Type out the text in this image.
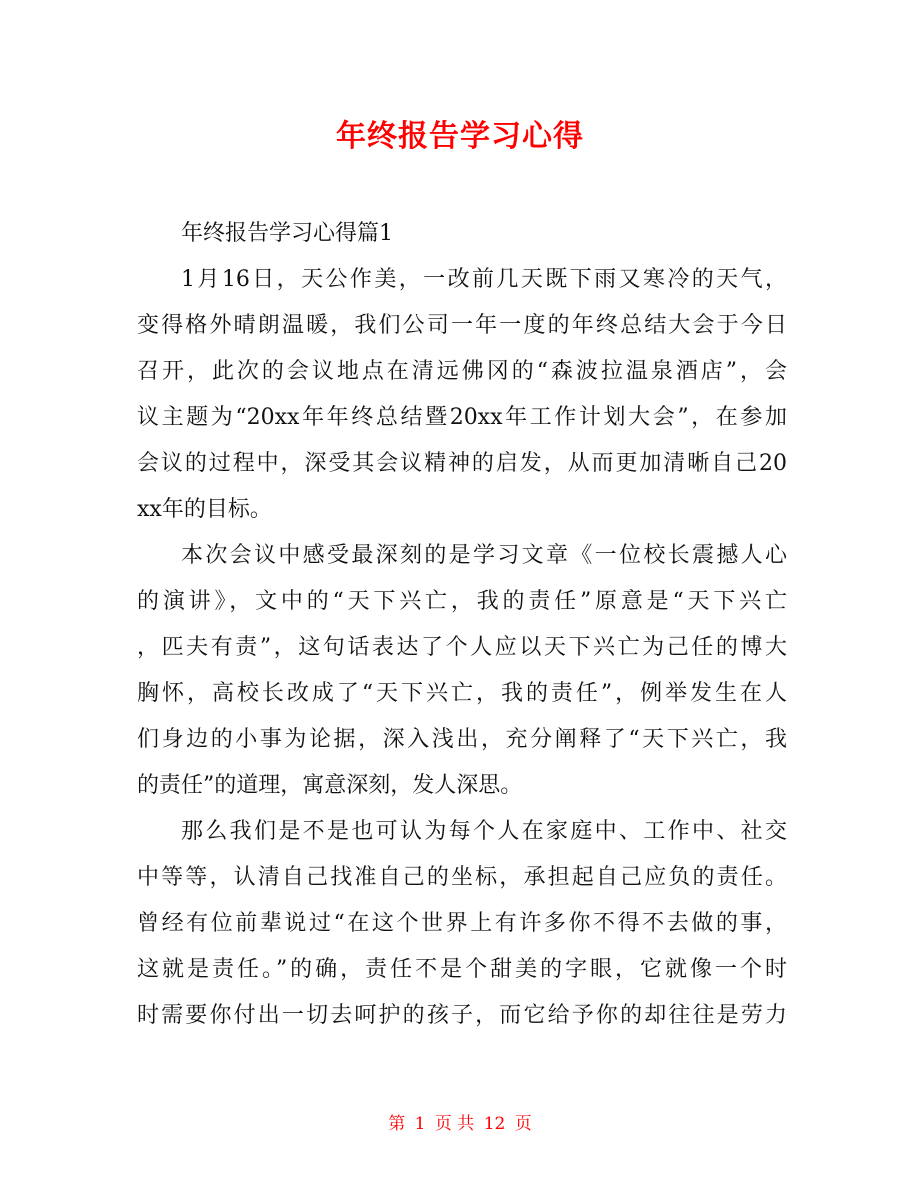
年终报告学习心得
年终报告学习心得篇1
1月16日，天公作美，一改前几天既下雨又寒冷的天气，
变得格外晴朗温暖，我们公司一年一度的年终总结大会于今日
召开，此次的会议地点在清远佛冈的“森波拉温泉酒店”，会
议主题为“20xx年年终总结暨20xx年工作计划大会”，在参加
会议的过程中，深受其会议精神的启发，从而更加清晰自己20
xx年的目标。
本次会议中感受最深刻的是学习文章《一位校长震撼人心
的演讲》，文中的“天下兴亡，我的责任”原意是“天下兴亡
，匹夫有责”，这句话表达了个人应以天下兴亡为己任的博大
胸怀，高校长改成了“天下兴亡，我的责任”，例举发生在人
们身边的小事为论据，深入浅出，充分阐释了“天下兴亡，我
的责任”的道理，寓意深刻，发人深思。
那么我们是不是也可认为每个人在家庭中、工作中、社交
中等等，认清自己找准自己的坐标，承担起自己应负的责任。
曾经有位前辈说过“在这个世界上有许多你不得不去做的事，
这就是责任。”的确，责任不是个甜美的字眼，它就像一个时
时需要你付出一切去呵护的孩子，而它给予你的却往往是劳力
第 1 页 共 12 页
